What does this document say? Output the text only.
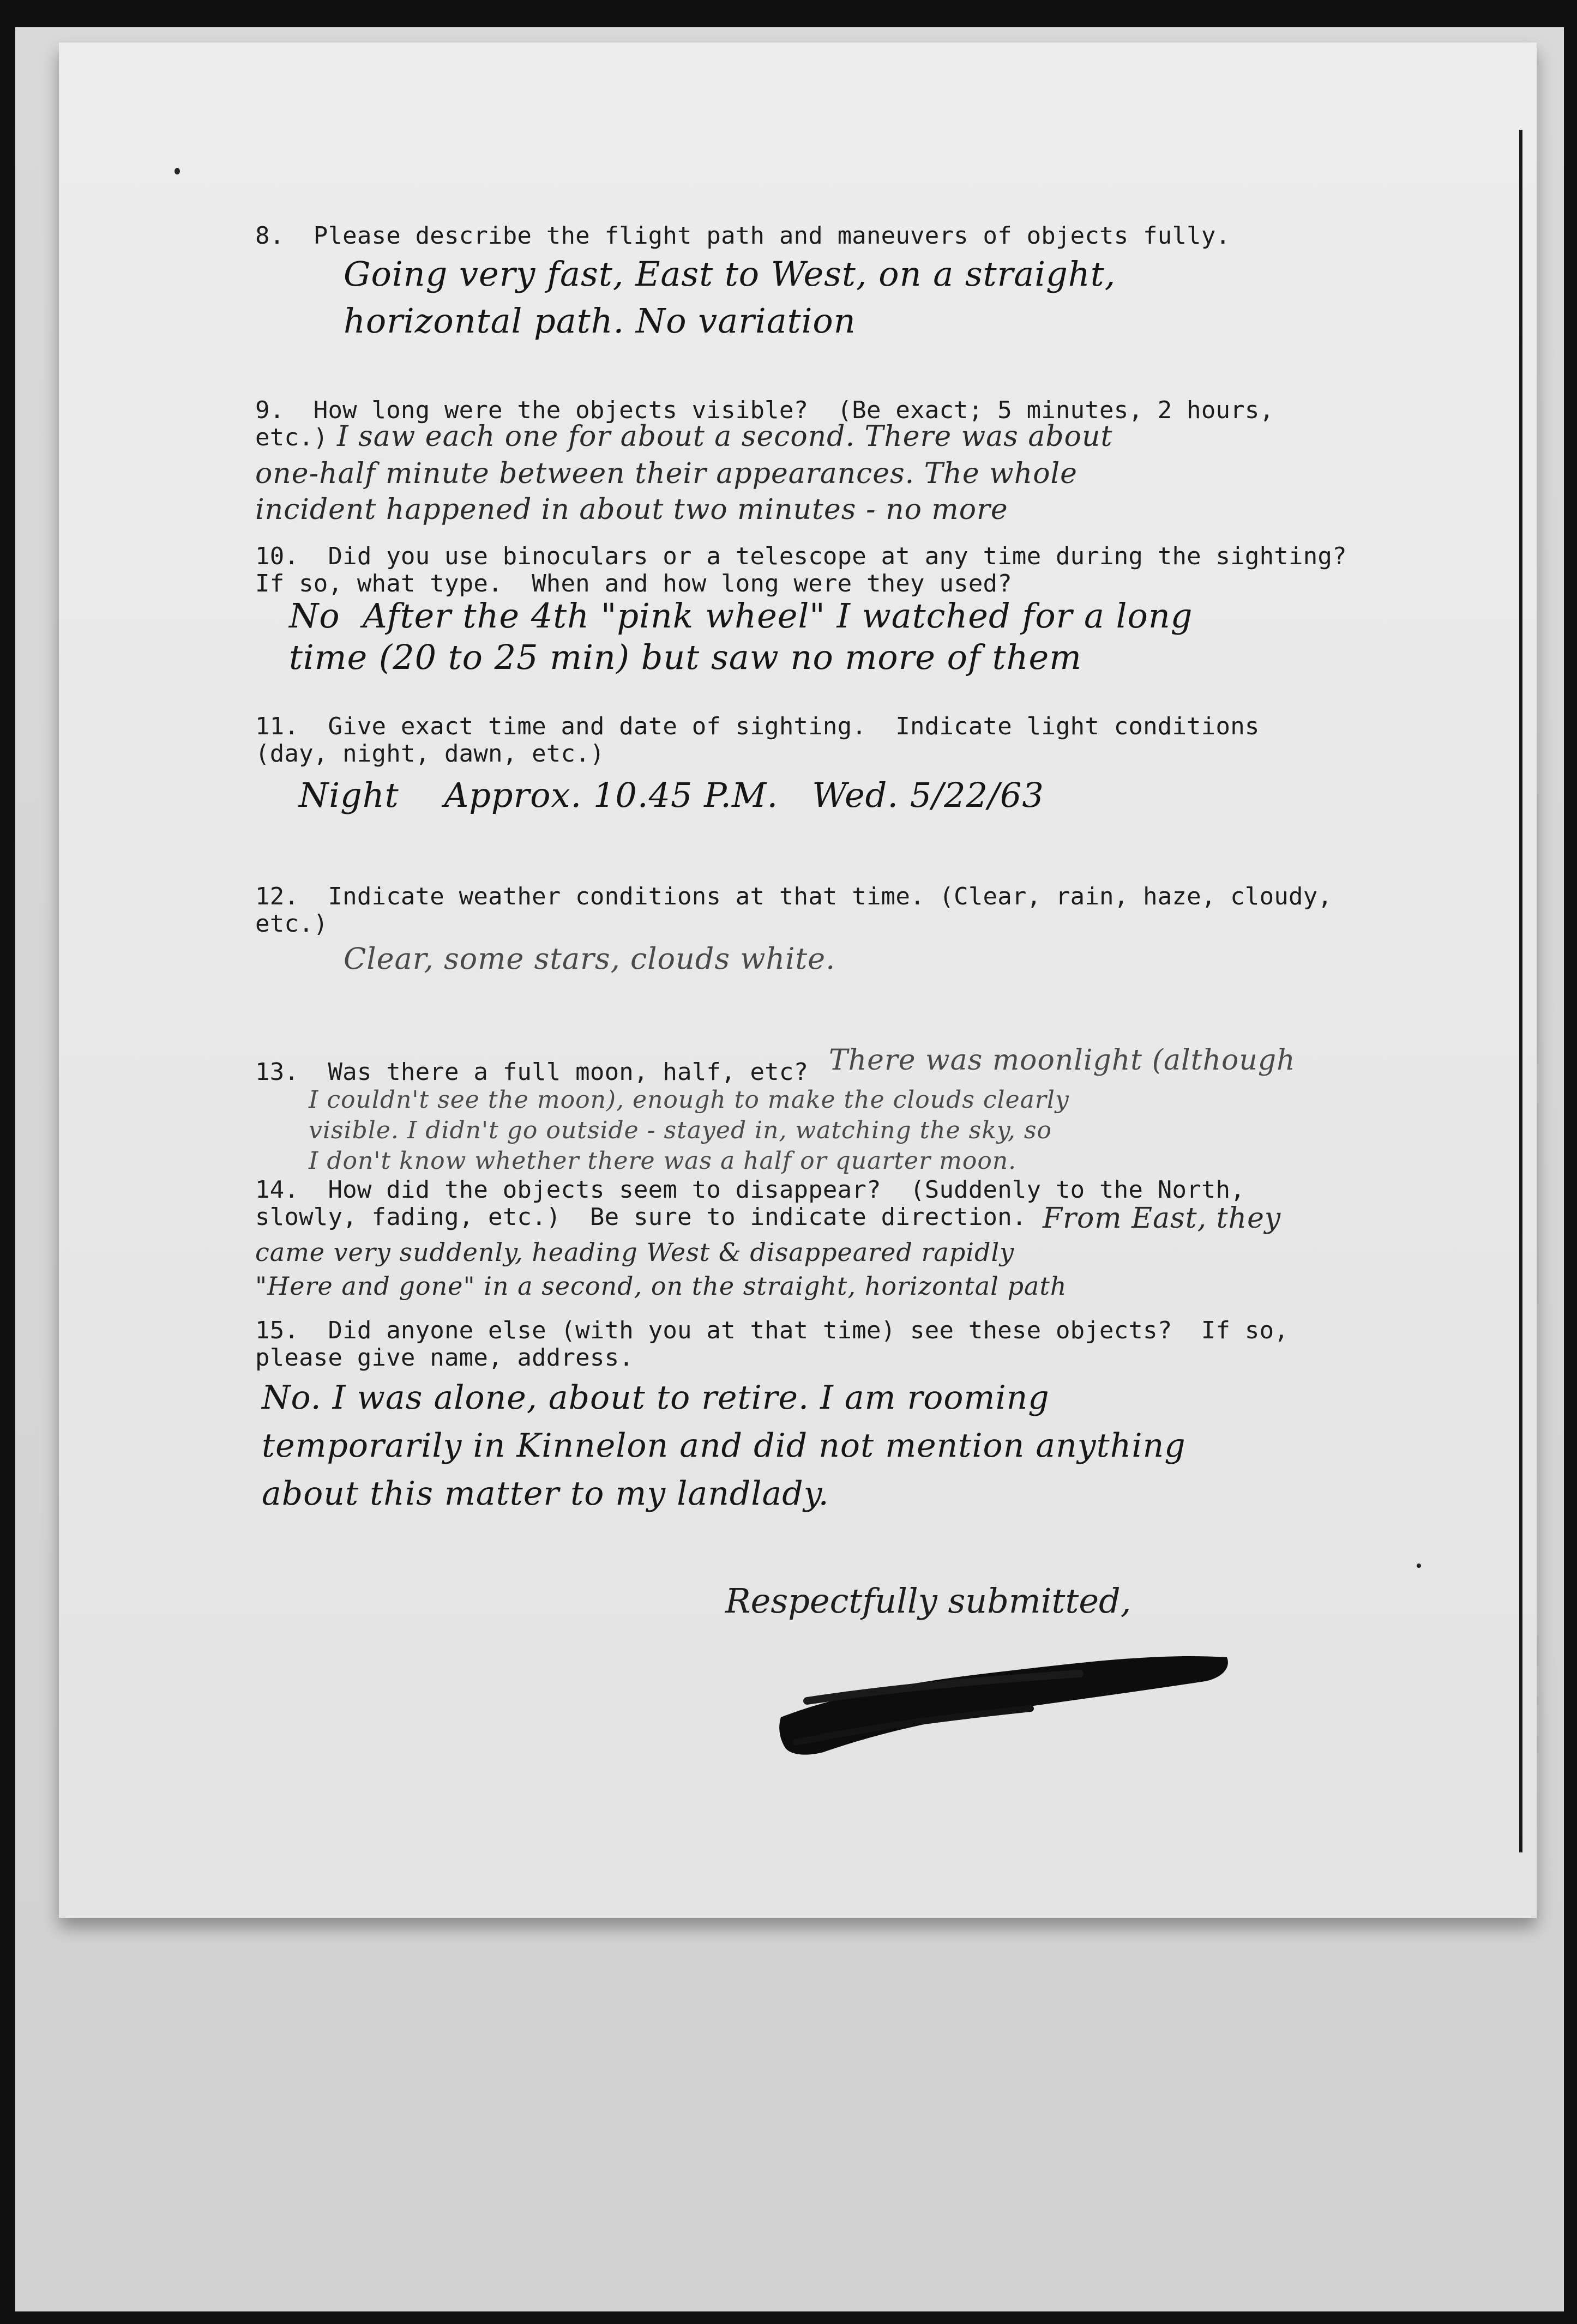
8.  Please describe the flight path and maneuvers of objects fully.
Going very fast, East to West, on a straight,
horizontal path. No variation
9.  How long were the objects visible?  (Be exact; 5 minutes, 2 hours,
etc.) I saw each one for about a second. There was about
one-half minute between their appearances. The whole
incident happened in about two minutes - no more
10.  Did you use binoculars or a telescope at any time during the sighting?
If so, what type.  When and how long were they used?
No  After the 4th "pink wheel" I watched for a long
time (20 to 25 min) but saw no more of them
11.  Give exact time and date of sighting.  Indicate light conditions
(day, night, dawn, etc.)
Night    Approx. 10.45 P.M.   Wed. 5/22/63
12.  Indicate weather conditions at that time. (Clear, rain, haze, cloudy,
etc.)
Clear, some stars, clouds white.
13.  Was there a full moon, half, etc? There was moonlight (although
I couldn't see the moon), enough to make the clouds clearly
visible. I didn't go outside - stayed in, watching the sky, so
I don't know whether there was a half or quarter moon.
14.  How did the objects seem to disappear?  (Suddenly to the North,
slowly, fading, etc.)  Be sure to indicate direction. From East, they
came very suddenly, heading West & disappeared rapidly
"Here and gone" in a second, on the straight, horizontal path
15.  Did anyone else (with you at that time) see these objects?  If so,
please give name, address.
No. I was alone, about to retire. I am rooming
temporarily in Kinnelon and did not mention anything
about this matter to my landlady.
Respectfully submitted,
